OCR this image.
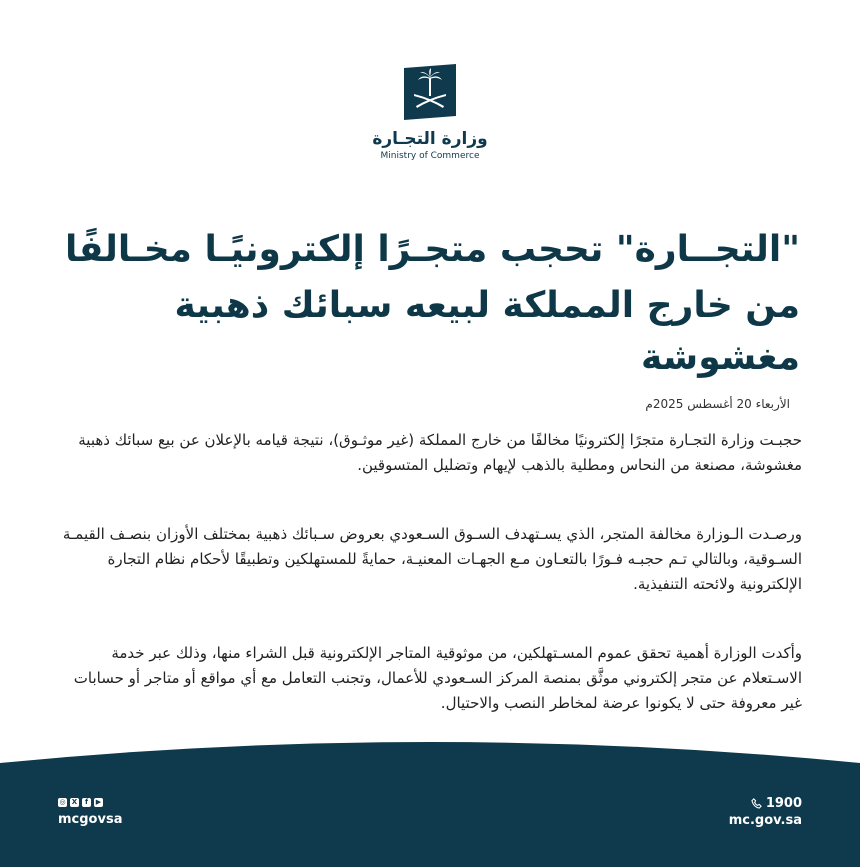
وزارة التجـارة
Ministry of Commerce
"التجــارة" تحجب متجـرًا إلكترونيًـا مخـالفًا
من خارج المملكة لبيعه سبائك ذهبية مغشوشة
الأربعاء 20 أغسطس 2025م

حجبـت وزارة التجـارة متجرًا إلكترونيًا مخالفًا من خارج المملكة (غير موثـوق)، نتيجة قيامه بالإعلان عن بيع سبائك ذهبية مغشوشة، مصنعة من النحاس ومطلية بالذهب لإيهام وتضليل المتسوقين.

ورصـدت الـوزارة مخالفة المتجر، الذي يسـتهدف السـوق السـعودي بعروض سـبائك ذهبية بمختلف الأوزان بنصـف القيمـة السـوقية، وبالتالي تـم حجبـه فـورًا بالتعـاون مـع الجهـات المعنيـة، حمايةً للمستهلكين وتطبيقًا لأحكام نظام التجارة الإلكترونية ولائحته التنفيذية.

وأكدت الوزارة أهمية تحقق عموم المسـتهلكين، من موثوقية المتاجر الإلكترونية قبل الشراء منها، وذلك عبر خدمة الاسـتعلام عن متجر إلكتروني موثَّق بمنصة المركز السـعودي للأعمال، وتجنب التعامل مع أي مواقع أو متاجر أو حسابات غير معروفة حتى لا يكونوا عرضة لمخاطر النصب والاحتيال.

◎ X	f	▶
mcgovsa
1900
mc.gov.sa
